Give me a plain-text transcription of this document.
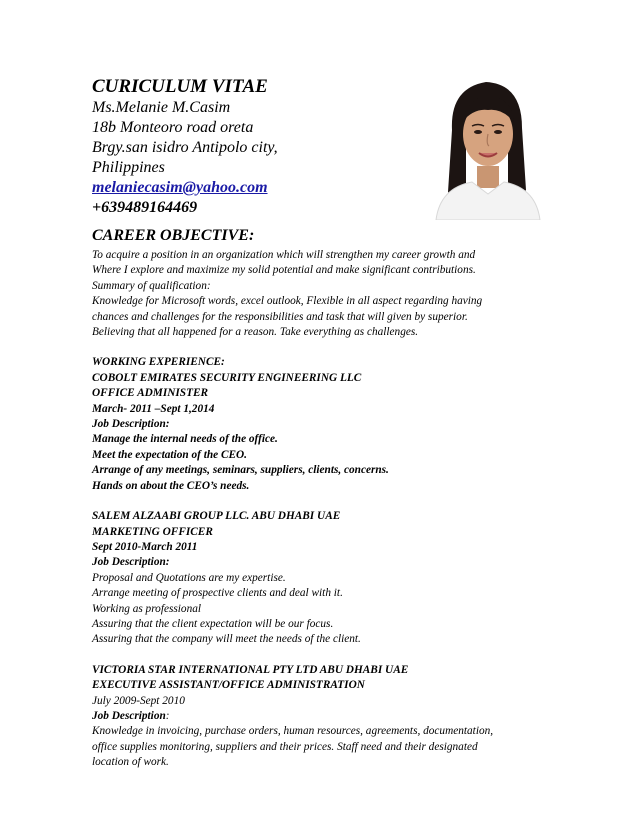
CURICULUM VITAE

Ms.Melanie M.Casim

18b Monteoro road oreta

Brgy.san isidro Antipolo city,

Philippines

melaniecasim@yahoo.com

+639489164469

CAREER OBJECTIVE:

To acquire a position in an organization which will strengthen my career growth and

Where I explore and maximize my solid potential and make significant contributions.

Summary of qualification:

Knowledge for Microsoft words, excel outlook, Flexible in all aspect regarding having

chances and challenges for the responsibilities and task that will given by superior.

Believing that all happened for a reason. Take everything as challenges.

WORKING EXPERIENCE:

COBOLT EMIRATES SECURITY ENGINEERING LLC

OFFICE ADMINISTER

March- 2011 –Sept 1,2014

Job Description:

Manage the internal needs of the office.

Meet the expectation of the CEO.

Arrange of any meetings, seminars, suppliers, clients, concerns.

Hands on about the CEO’s needs.

SALEM ALZAABI GROUP LLC. ABU DHABI UAE

MARKETING OFFICER

Sept 2010-March 2011

Job Description:

Proposal and Quotations are my expertise.

Arrange meeting of prospective clients and deal with it.

Working as professional

Assuring that the client expectation will be our focus.

Assuring that the company will meet the needs of the client.

VICTORIA STAR INTERNATIONAL PTY LTD ABU DHABI UAE

EXECUTIVE ASSISTANT/OFFICE ADMINISTRATION

July 2009-Sept 2010

Job Description:

Knowledge in invoicing, purchase orders, human resources, agreements, documentation,

office supplies monitoring, suppliers and their prices. Staff need and their designated

location of work.
